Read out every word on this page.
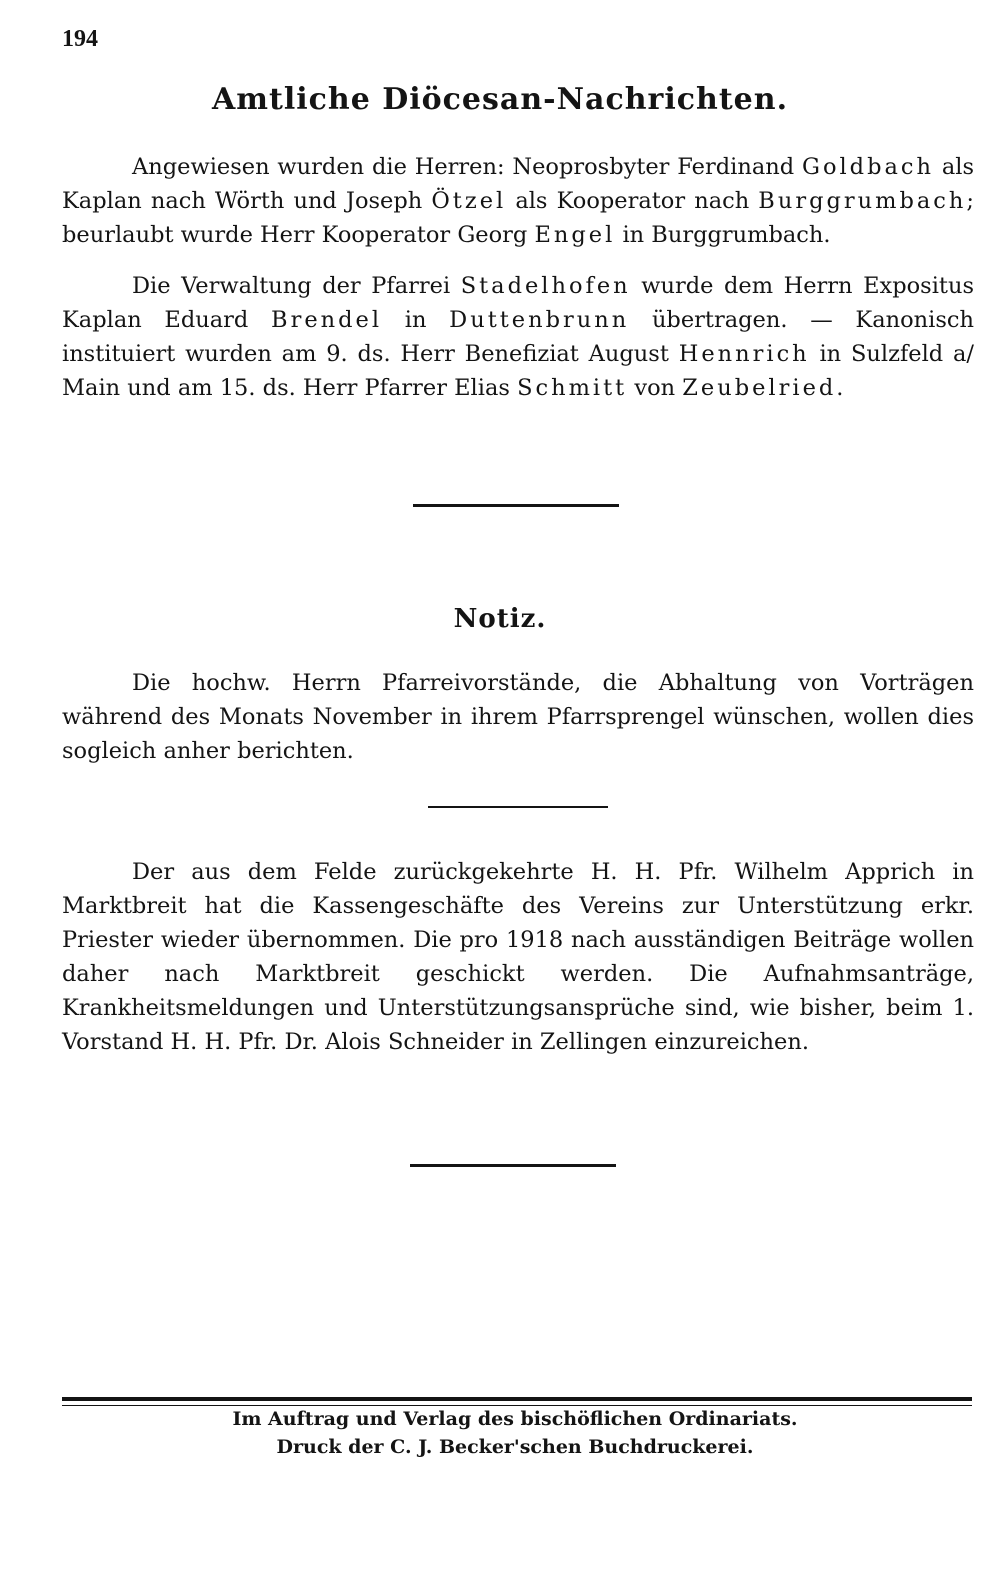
194
Amtliche Diöcesan-Nachrichten.

Angewiesen wurden die Herren: Neoprosbyter Ferdinand Goldbach als Kaplan nach Wörth und Joseph Ötzel als Kooperator nach Burggrumbach; beurlaubt wurde Herr Kooperator Georg Engel in Burggrumbach.

Die Verwaltung der Pfarrei Stadelhofen wurde dem Herrn Expositus Kaplan Eduard Brendel in Duttenbrunn übertragen. — Kanonisch instituiert wurden am 9. ds. Herr Benefiziat August Hennrich in Sulzfeld a/ Main und am 15. ds. Herr Pfarrer Elias Schmitt von Zeubelried.

Notiz.

Die hochw. Herrn Pfarreivorstände, die Abhaltung von Vorträgen während des Monats November in ihrem Pfarrsprengel wünschen, wollen dies sogleich anher berichten.

Der aus dem Felde zurückgekehrte H. H. Pfr. Wilhelm Apprich in Marktbreit hat die Kassengeschäfte des Vereins zur Unterstützung erkr. Priester wieder übernommen. Die pro 1918 nach ausständigen Beiträge wollen daher nach Marktbreit geschickt werden. Die Aufnahmsanträge, Krankheitsmeldungen und Unterstützungsansprüche sind, wie bisher, beim 1. Vorstand H. H. Pfr. Dr. Alois Schneider in Zellingen einzureichen.

Im Auftrag und Verlag des bischöflichen Ordinariats.
Druck der C. J. Becker'schen Buchdruckerei.
